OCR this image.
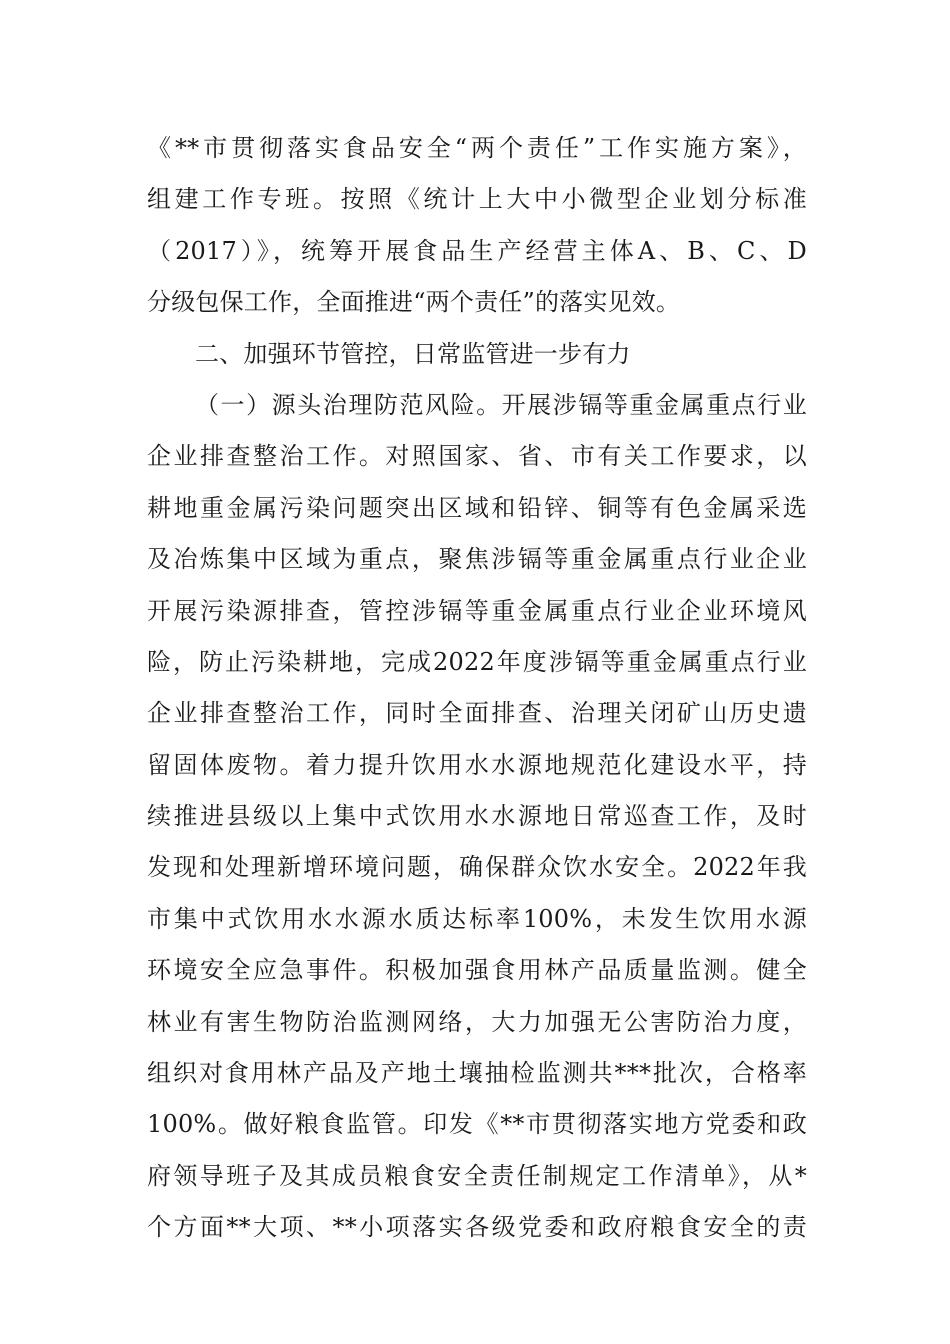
《**市贯彻落实食品安全“两个责任”工作实施方案》，
组建工作专班。按照《统计上大中小微型企业划分标准
（2017）》，统筹开展食品生产经营主体A、B、C、D
分级包保工作，全面推进“两个责任”的落实见效。
二、加强环节管控，日常监管进一步有力
（一）源头治理防范风险。开展涉镉等重金属重点行业
企业排查整治工作。对照国家、省、市有关工作要求，以
耕地重金属污染问题突出区域和铅锌、铜等有色金属采选
及冶炼集中区域为重点，聚焦涉镉等重金属重点行业企业
开展污染源排查，管控涉镉等重金属重点行业企业环境风
险，防止污染耕地，完成2022年度涉镉等重金属重点行业
企业排查整治工作，同时全面排查、治理关闭矿山历史遗
留固体废物。着力提升饮用水水源地规范化建设水平，持
续推进县级以上集中式饮用水水源地日常巡查工作，及时
发现和处理新增环境问题，确保群众饮水安全。2022年我
市集中式饮用水水源水质达标率100%，未发生饮用水源
环境安全应急事件。积极加强食用林产品质量监测。健全
林业有害生物防治监测网络，大力加强无公害防治力度，
组织对食用林产品及产地土壤抽检监测共***批次，合格率
100%。做好粮食监管。印发《**市贯彻落实地方党委和政
府领导班子及其成员粮食安全责任制规定工作清单》，从*
个方面**大项、**小项落实各级党委和政府粮食安全的责
